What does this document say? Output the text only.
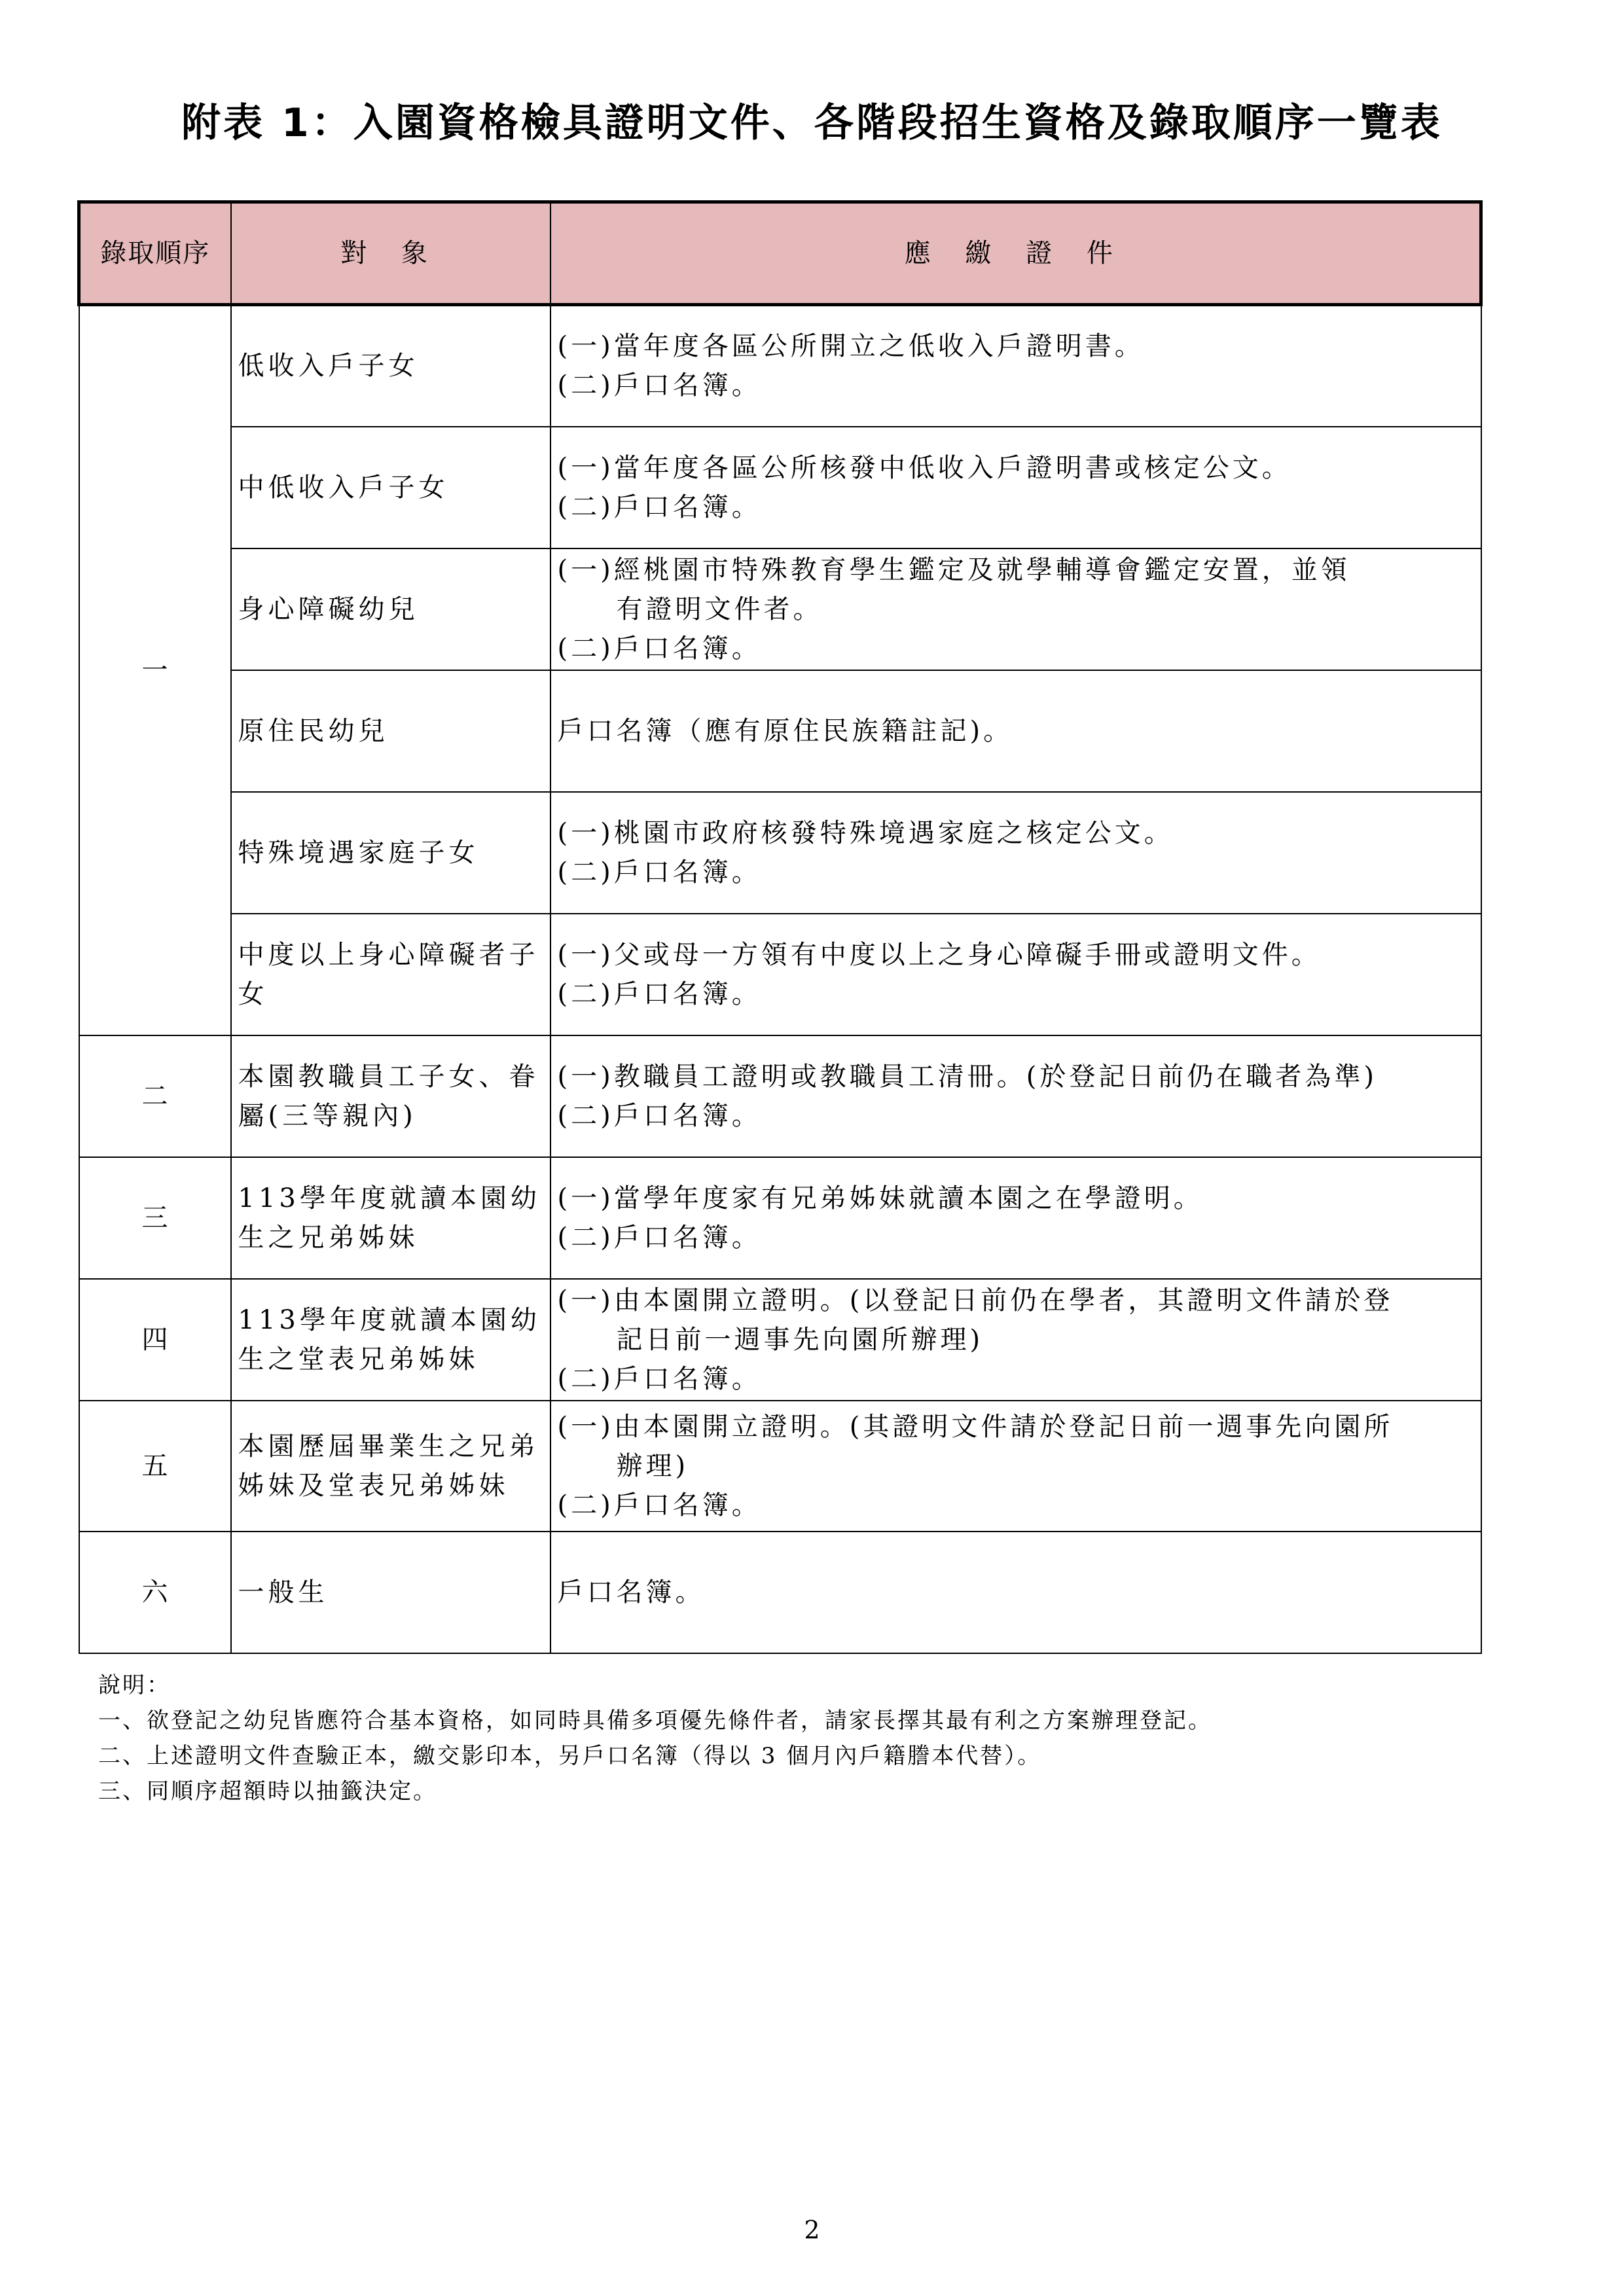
附表 1：入園資格檢具證明文件、各階段招生資格及錄取順序一覽表
錄取順序	對 象	應 繳 證 件
一	低收入戶子女	(一)當年度各區公所開立之低收入戶證明書。
(二)戶口名簿。

	中低收入戶子女	(一)當年度各區公所核發中低收入戶證明書或核定公文。
(二)戶口名簿。

	身心障礙幼兒	(一)經桃園市特殊教育學生鑑定及就學輔導會鑑定安置，並領
有證明文件者。
(二)戶口名簿。

	原住民幼兒	戶口名簿（應有原住民族籍註記)。

	特殊境遇家庭子女	(一)桃園市政府核發特殊境遇家庭之核定公文。
(二)戶口名簿。

	中度以上身心障礙者子女	(一)父或母一方領有中度以上之身心障礙手冊或證明文件。
(二)戶口名簿。

二	本園教職員工子女、眷屬(三等親內)	(一)教職員工證明或教職員工清冊。(於登記日前仍在職者為準)
(二)戶口名簿。

三	113學年度就讀本園幼生之兄弟姊妹	(一)當學年度家有兄弟姊妹就讀本園之在學證明。
(二)戶口名簿。

四	113學年度就讀本園幼生之堂表兄弟姊妹	(一)由本園開立證明。(以登記日前仍在學者，其證明文件請於登
記日前一週事先向園所辦理)
(二)戶口名簿。

五	本園歷屆畢業生之兄弟姊妹及堂表兄弟姊妹	(一)由本園開立證明。(其證明文件請於登記日前一週事先向園所
辦理)
(二)戶口名簿。

六	一般生	戶口名簿。
說明：
一、欲登記之幼兒皆應符合基本資格，如同時具備多項優先條件者，請家長擇其最有利之方案辦理登記。
二、上述證明文件查驗正本，繳交影印本，另戶口名簿（得以 3 個月內戶籍謄本代替）。
三、同順序超額時以抽籤決定。
2
